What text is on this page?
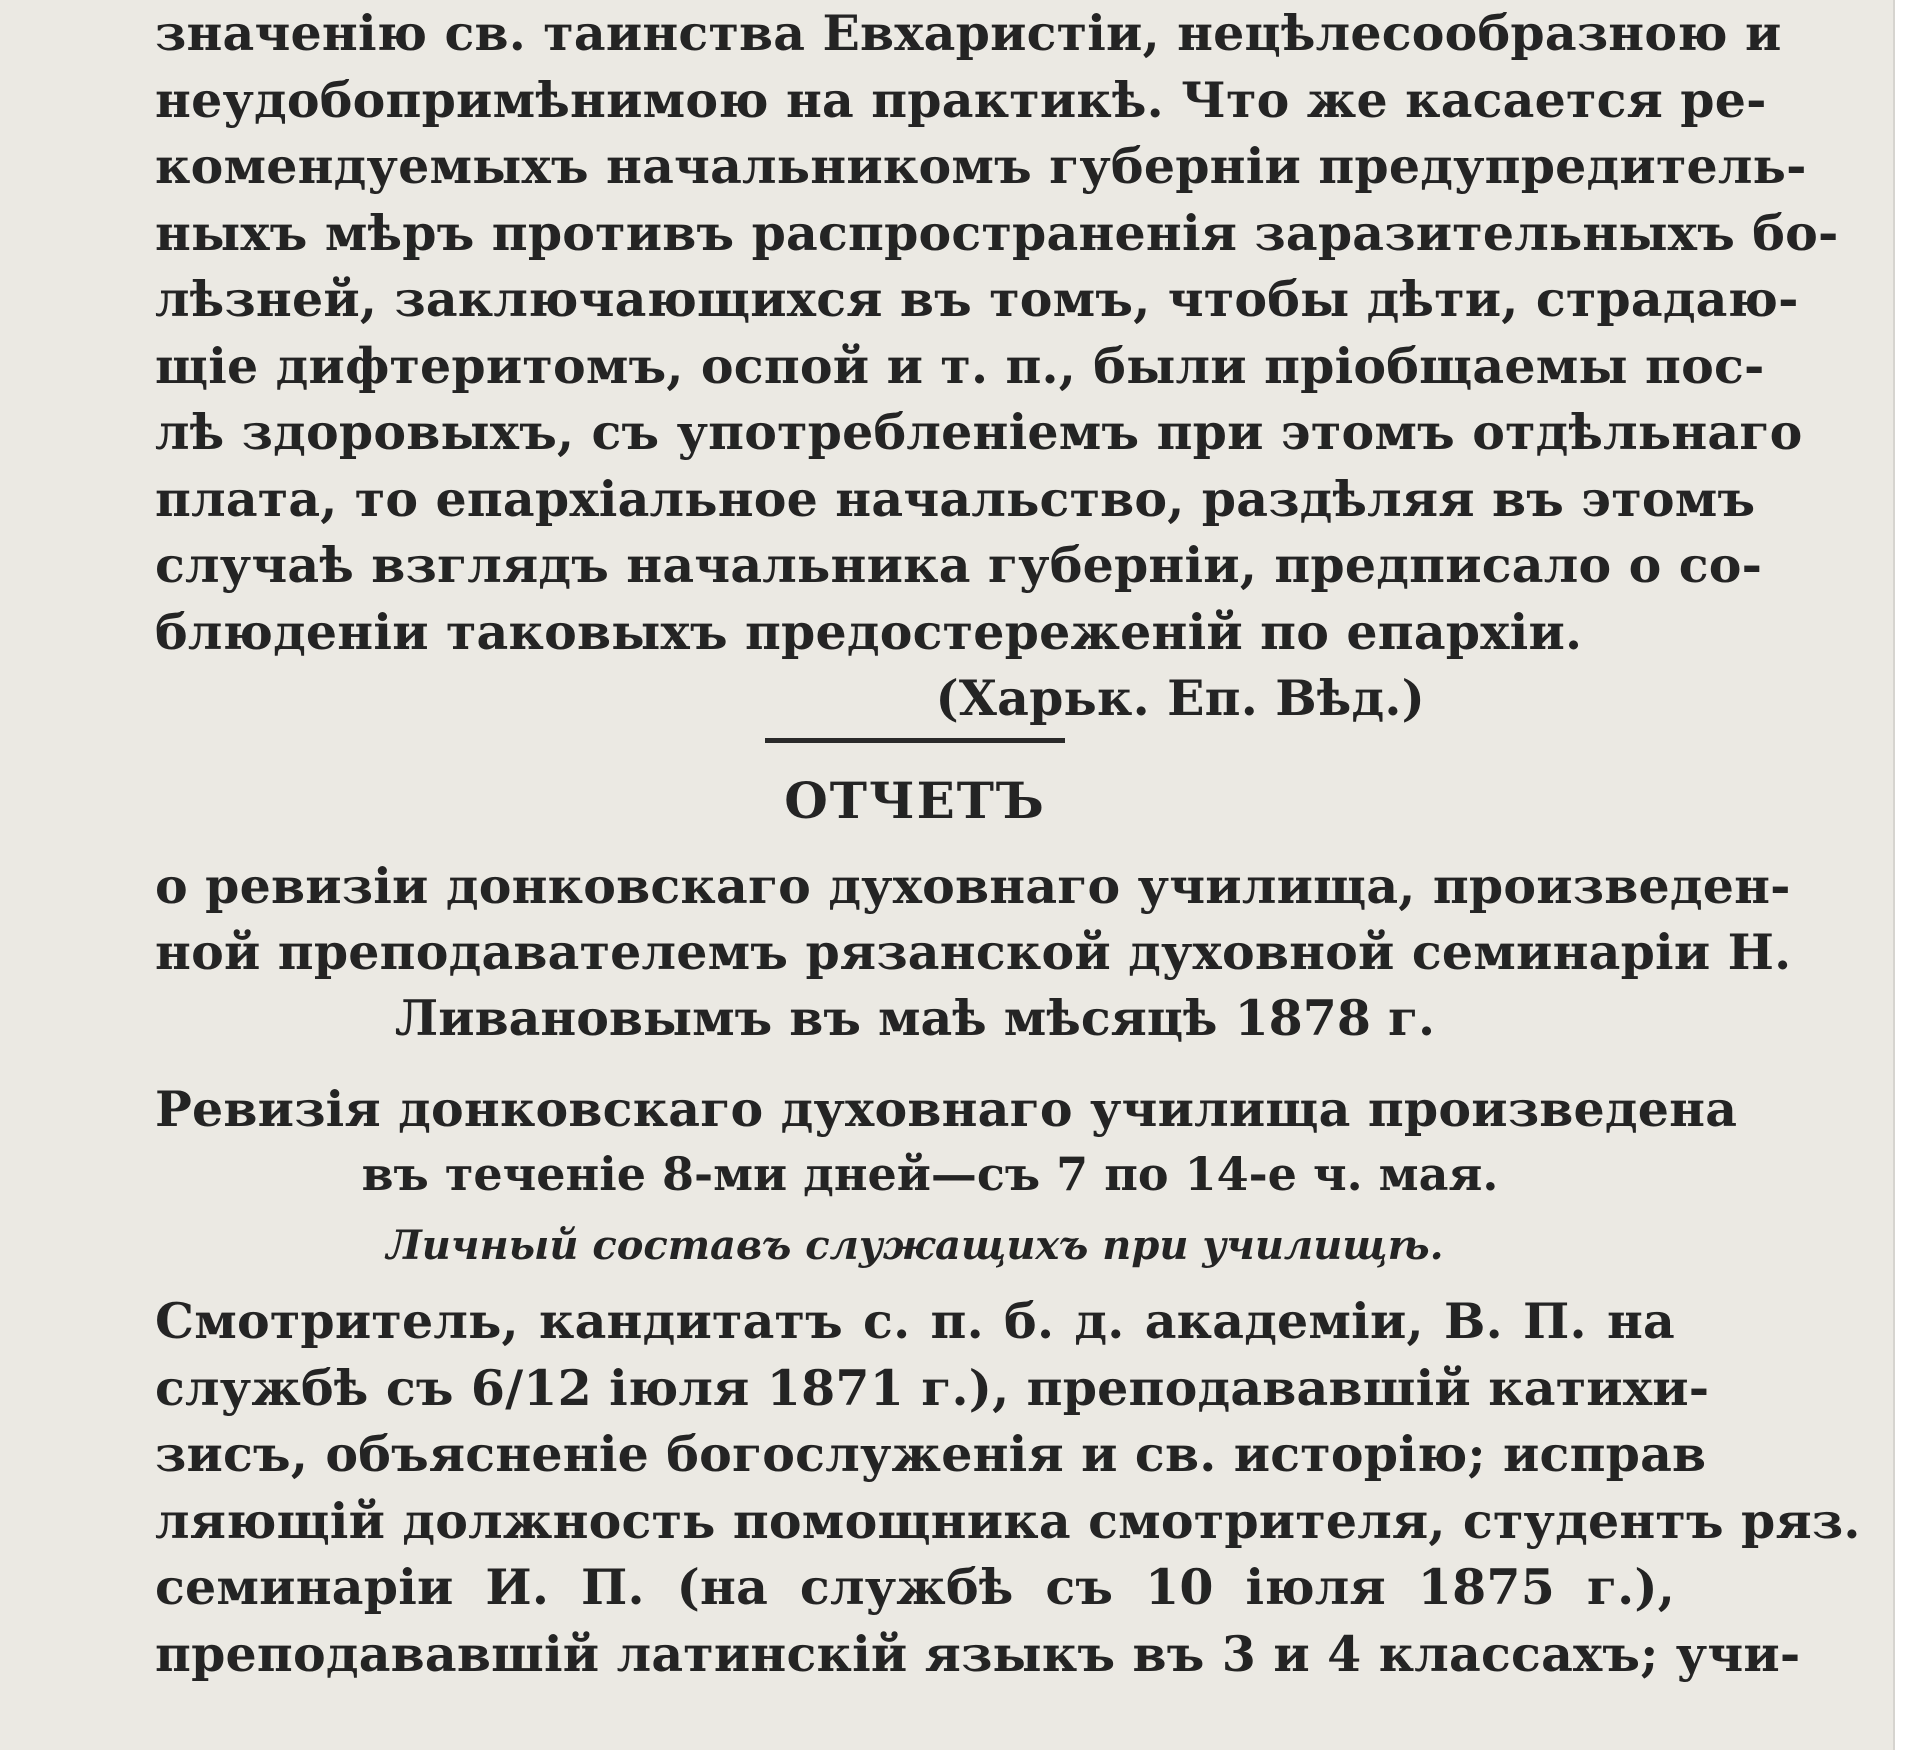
значенію св. таинства Евхаристіи, нецѣлесообразною и
неудобопримѣнимою на практикѣ. Что же касается ре-
комендуемыхъ начальникомъ губерніи предупредитель-
ныхъ мѣръ противъ распространенія заразительныхъ бо-
лѣзней, заключающихся въ томъ, чтобы дѣти, страдаю-
щіе дифтеритомъ, оспой и т. п., были пріобщаемы пос-
лѣ здоровыхъ, съ употребленіемъ при этомъ отдѣльнаго
плата, то епархіальное начальство, раздѣляя въ этомъ
случаѣ взглядъ начальника губерніи, предписало о со-
блюденіи таковыхъ предостереженій по епархіи.
(Харьк. Еп. Вѣд.)
ОТЧЕТЪ
о ревизіи донковскаго духовнаго училища, произведен-
ной преподавателемъ рязанской духовной семинаріи Н.
Ливановымъ въ маѣ мѣсяцѣ 1878 г.
Ревизія донковскаго духовнаго училища произведена
въ теченіе 8-ми дней—съ 7 по 14-е ч. мая.
Личный составъ служащихъ при училищѣ.
Смотритель, кандитатъ с. п. б. д. академіи, В. П. на
службѣ съ 6/12 іюля 1871 г.), преподававшій катихи-
зисъ, объясненіе богослуженія и св. исторію; исправ
ляющій должность помощника смотрителя, студентъ ряз.
семинаріи И. П. (на службѣ съ 10 іюля 1875 г.),
преподававшій латинскій языкъ въ 3 и 4 классахъ; учи-
